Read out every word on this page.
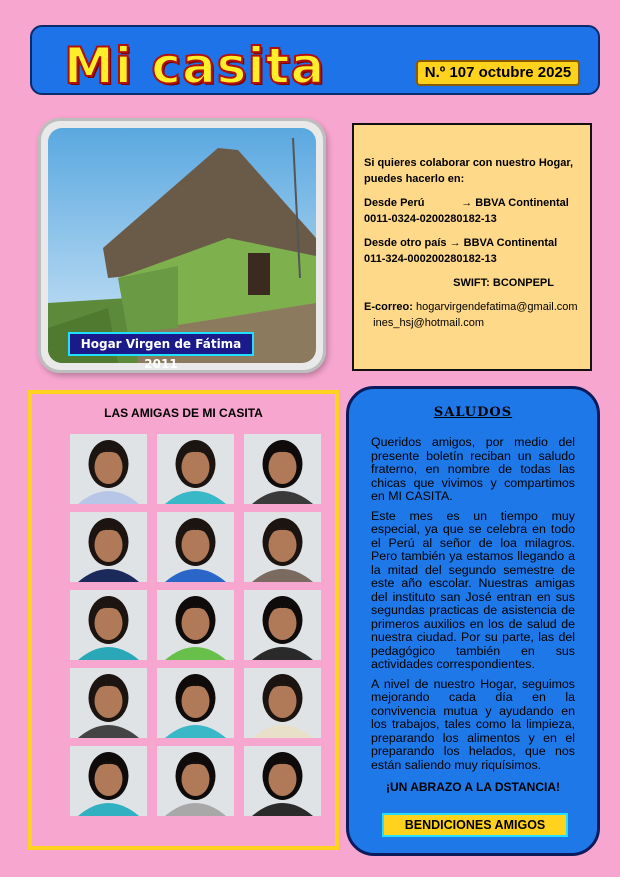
Mi casita	N.º 107 octubre 2025
Hogar Virgen de Fátima 2011

Si quieres colaborar con nuestro Hogar, puedes hacerlo en:

Desde Perú	→ BBVA Continental
0011-0324-0200280182-13

Desde otro país → BBVA Continental 011-324-000200280182-13

SWIFT: BCONPEPL

E-correo: hogarvirgendefatima@gmail.com    ines_hsj@hotmail.com

LAS AMIGAS DE MI CASITA	SALUDOS

Queridos amigos, por medio del presente boletín reciban un saludo fraterno, en nombre de todas las chicas que vivimos y compartimos en MI CASITA.

Este mes es un tiempo muy especial, ya que se celebra en todo el Perú al señor de loa milagros. Pero también ya estamos llegando a la mitad del segundo semestre de este año escolar. Nuestras amigas del instituto san José entran en sus segundas practicas de asistencia de primeros auxilios en los de salud de nuestra ciudad. Por su parte, las del pedagógico también en sus actividades correspondientes.

A nivel de nuestro Hogar, seguimos mejorando cada día en la convivencia mutua y ayudando en los trabajos, tales como la limpieza, preparando los alimentos y en el preparando los helados, que nos están saliendo muy riquísimos.

¡UN ABRAZO A LA DSTANCIA!
BENDICIONES AMIGOS
